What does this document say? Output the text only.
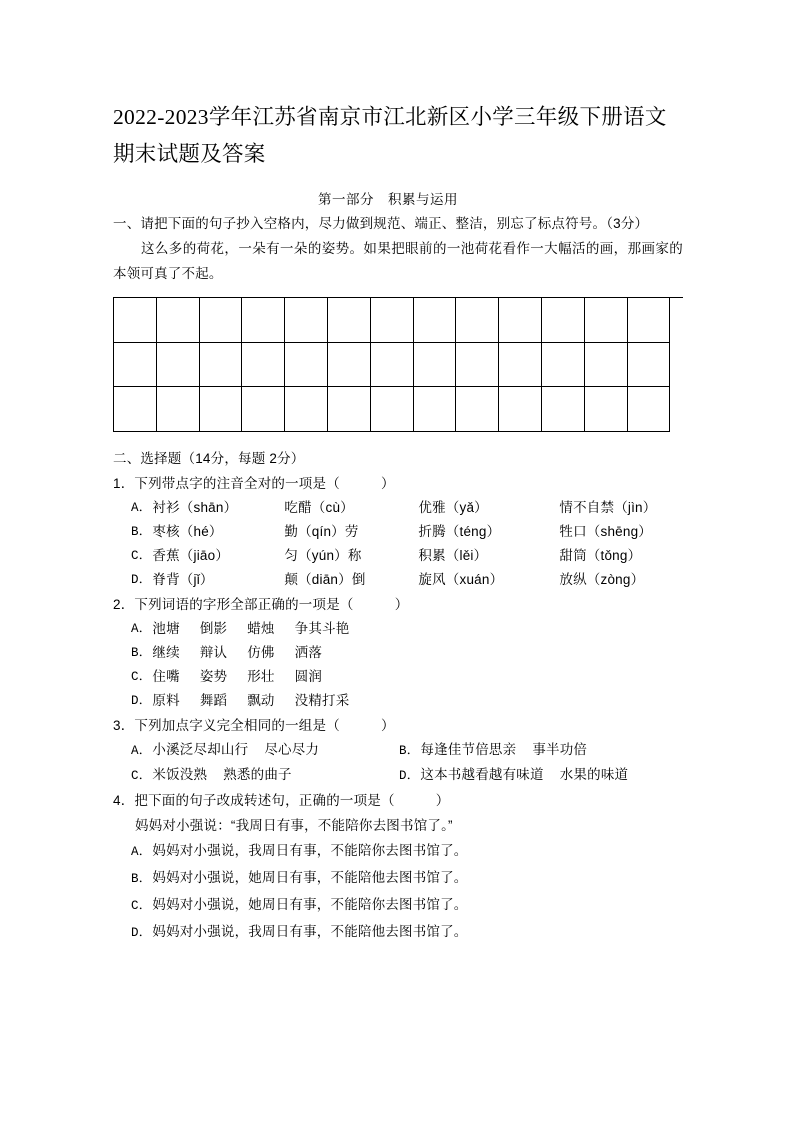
2022-2023学年江苏省南京市江北新区小学三年级下册语文期末试题及答案
第一部分　积累与运用
一、请把下面的句子抄入空格内，尽力做到规范、端正、整洁，别忘了标点符号。（3分）
这么多的荷花，一朵有一朵的姿势。如果把眼前的一池荷花看作一大幅活的画，那画家的本领可真了不起。
二、选择题（14分，每题 2分）
1．下列带点字的注音全对的一项是（　　　）
A． 衬衫（shān）	吃醋（cù）	优雅（yǎ）	情不自禁（jìn）
B． 枣核（hé）	勤（qín）劳	折腾（téng）	牲口（shēng）
C． 香蕉（jiāo）	匀（yún）称	积累（lěi）	甜筒（tǒng）
D． 脊背（jǐ）	颠（diān）倒	旋风（xuán）	放纵（zòng）
2．下列词语的字形全部正确的一项是（　　　）
A． 池塘 倒影 蜡烛 争其斗艳
B． 继续 辩认 仿佛 洒落
C． 住嘴 姿势 形壮 圆润
D． 原料 舞蹈 飘动 没精打采
3．下列加点字义完全相同的一组是（　　　）
A．小溪泛尽却山行 尽心尽力	B．每逢佳节倍思亲 事半功倍
C．米饭没熟 熟悉的曲子	D．这本书越看越有味道 水果的味道
4．把下面的句子改成转述句，正确的一项是（　　　）
妈妈对小强说：“我周日有事，不能陪你去图书馆了。”
A．妈妈对小强说，我周日有事，不能陪你去图书馆了。
B．妈妈对小强说，她周日有事，不能陪他去图书馆了。
C．妈妈对小强说，她周日有事，不能陪你去图书馆了。
D．妈妈对小强说，我周日有事，不能陪他去图书馆了。
